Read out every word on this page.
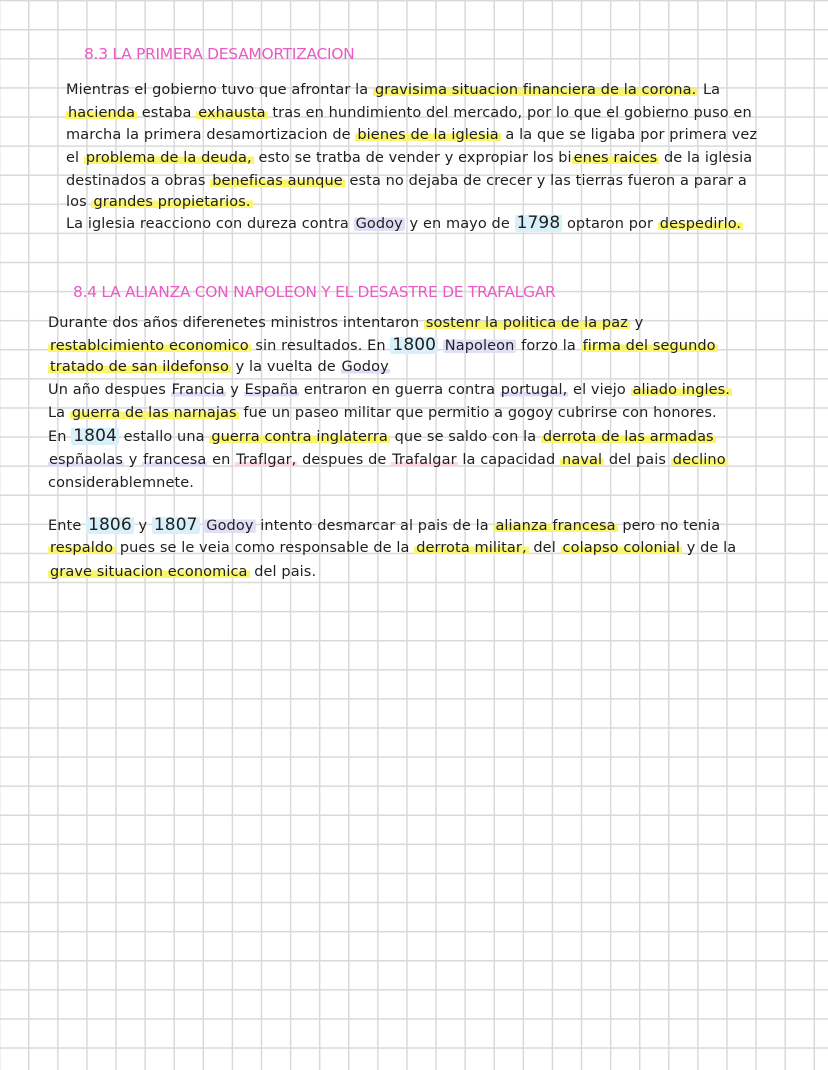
8.3 LA PRIMERA DESAMORTIZACION
Mientras el gobierno tuvo que afrontar la gravisima situacion financiera de la corona. La
hacienda estaba exhausta tras en hundimiento del mercado, por lo que el gobierno puso en
marcha la primera desamortizacion de bienes de la iglesia a la que se ligaba por primera vez
el problema de la deuda, esto se tratba de vender y expropiar los bi enes raices de la iglesia
destinados a obras beneficas aunque esta no dejaba de crecer y las tierras fueron a parar a
los grandes propietarios.
La iglesia reacciono con dureza contra Godoy y en mayo de 1798 optaron por despedirlo.
8.4 LA ALIANZA CON NAPOLEON Y EL DESASTRE DE TRAFALGAR
Durante dos años diferenetes ministros intentaron sostenr la politica de la paz y
restablcimiento economico sin resultados. En 1800 Napoleon forzo la firma del segundo
tratado de san ildefonso y la vuelta de Godoy
Un año despues Francia y España entraron en guerra contra portugal, el viejo aliado ingles.
La guerra de las narnajas fue un paseo militar que permitio a gogoy cubrirse con honores.
En 1804 estallo una guerra contra inglaterra que se saldo con la derrota de las armadas
espñaolas y francesa en Traflgar, despues de Trafalgar la capacidad naval del pais declino
considerablemnete.
Ente 1806 y 1807 Godoy intento desmarcar al pais de la alianza francesa pero no tenia
respaldo pues se le veia como responsable de la derrota militar, del colapso colonial y de la
grave situacion economica del pais.
